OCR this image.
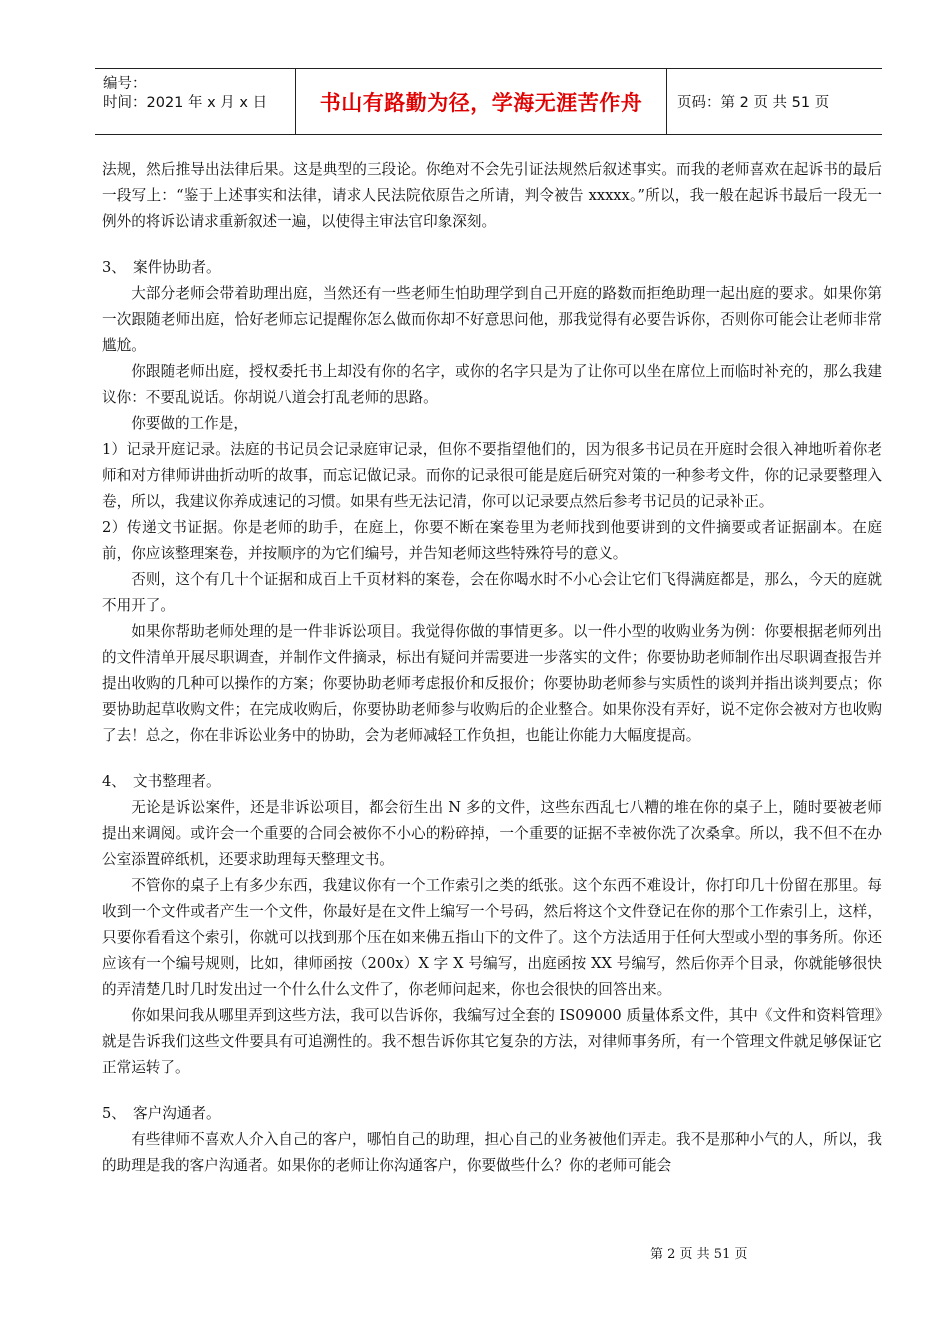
编号：
时间：2021 年 x 月 x 日	书山有路勤为径，学海无涯苦作舟 页码：第 2 页 共 51 页

法规，然后推导出法律后果。这是典型的三段论。你绝对不会先引证法规然后叙述事实。而我的老师喜欢在起诉书的最后一段写上：“鉴于上述事实和法律，请求人民法院依原告之所请，判令被告 xxxxx。”所以，我一般在起诉书最后一段无一例外的将诉讼请求重新叙述一遍，以使得主审法官印象深刻。

3、 案件协助者。

大部分老师会带着助理出庭，当然还有一些老师生怕助理学到自己开庭的路数而拒绝助理一起出庭的要求。如果你第一次跟随老师出庭，恰好老师忘记提醒你怎么做而你却不好意思问他，那我觉得有必要告诉你，否则你可能会让老师非常尴尬。

你跟随老师出庭，授权委托书上却没有你的名字，或你的名字只是为了让你可以坐在席位上而临时补充的，那么我建议你：不要乱说话。你胡说八道会打乱老师的思路。

你要做的工作是，

1）记录开庭记录。法庭的书记员会记录庭审记录，但你不要指望他们的，因为很多书记员在开庭时会很入神地听着你老师和对方律师讲曲折动听的故事，而忘记做记录。而你的记录很可能是庭后研究对策的一种参考文件，你的记录要整理入卷，所以，我建议你养成速记的习惯。如果有些无法记清，你可以记录要点然后参考书记员的记录补正。

2）传递文书证据。你是老师的助手，在庭上，你要不断在案卷里为老师找到他要讲到的文件摘要或者证据副本。在庭前，你应该整理案卷，并按顺序的为它们编号，并告知老师这些特殊符号的意义。

否则，这个有几十个证据和成百上千页材料的案卷，会在你喝水时不小心会让它们飞得满庭都是，那么，今天的庭就不用开了。

如果你帮助老师处理的是一件非诉讼项目。我觉得你做的事情更多。以一件小型的收购业务为例：你要根据老师列出的文件清单开展尽职调查，并制作文件摘录，标出有疑问并需要进一步落实的文件；你要协助老师制作出尽职调查报告并提出收购的几种可以操作的方案；你要协助老师考虑报价和反报价；你要协助老师参与实质性的谈判并指出谈判要点；你要协助起草收购文件；在完成收购后，你要协助老师参与收购后的企业整合。如果你没有弄好，说不定你会被对方也收购了去！总之，你在非诉讼业务中的协助，会为老师减轻工作负担，也能让你能力大幅度提高。

4、 文书整理者。

无论是诉讼案件，还是非诉讼项目，都会衍生出 N 多的文件，这些东西乱七八糟的堆在你的桌子上，随时要被老师提出来调阅。或许会一个重要的合同会被你不小心的粉碎掉，一个重要的证据不幸被你洗了次桑拿。所以，我不但不在办公室添置碎纸机，还要求助理每天整理文书。

不管你的桌子上有多少东西，我建议你有一个工作索引之类的纸张。这个东西不难设计，你打印几十份留在那里。每收到一个文件或者产生一个文件，你最好是在文件上编写一个号码，然后将这个文件登记在你的那个工作索引上，这样，只要你看看这个索引，你就可以找到那个压在如来佛五指山下的文件了。这个方法适用于任何大型或小型的事务所。你还应该有一个编号规则，比如，律师函按（200x）X 字 X 号编写，出庭函按 XX 号编写，然后你弄个目录，你就能够很快的弄清楚几时几时发出过一个什么什么文件了，你老师问起来，你也会很快的回答出来。

你如果问我从哪里弄到这些方法，我可以告诉你，我编写过全套的 IS09000 质量体系文件，其中《文件和资料管理》就是告诉我们这些文件要具有可追溯性的。我不想告诉你其它复杂的方法，对律师事务所，有一个管理文件就足够保证它正常运转了。

5、 客户沟通者。

有些律师不喜欢人介入自己的客户，哪怕自己的助理，担心自己的业务被他们弄走。我不是那种小气的人，所以，我的助理是我的客户沟通者。如果你的老师让你沟通客户，你要做些什么？你的老师可能会

第 2 页 共 51 页
